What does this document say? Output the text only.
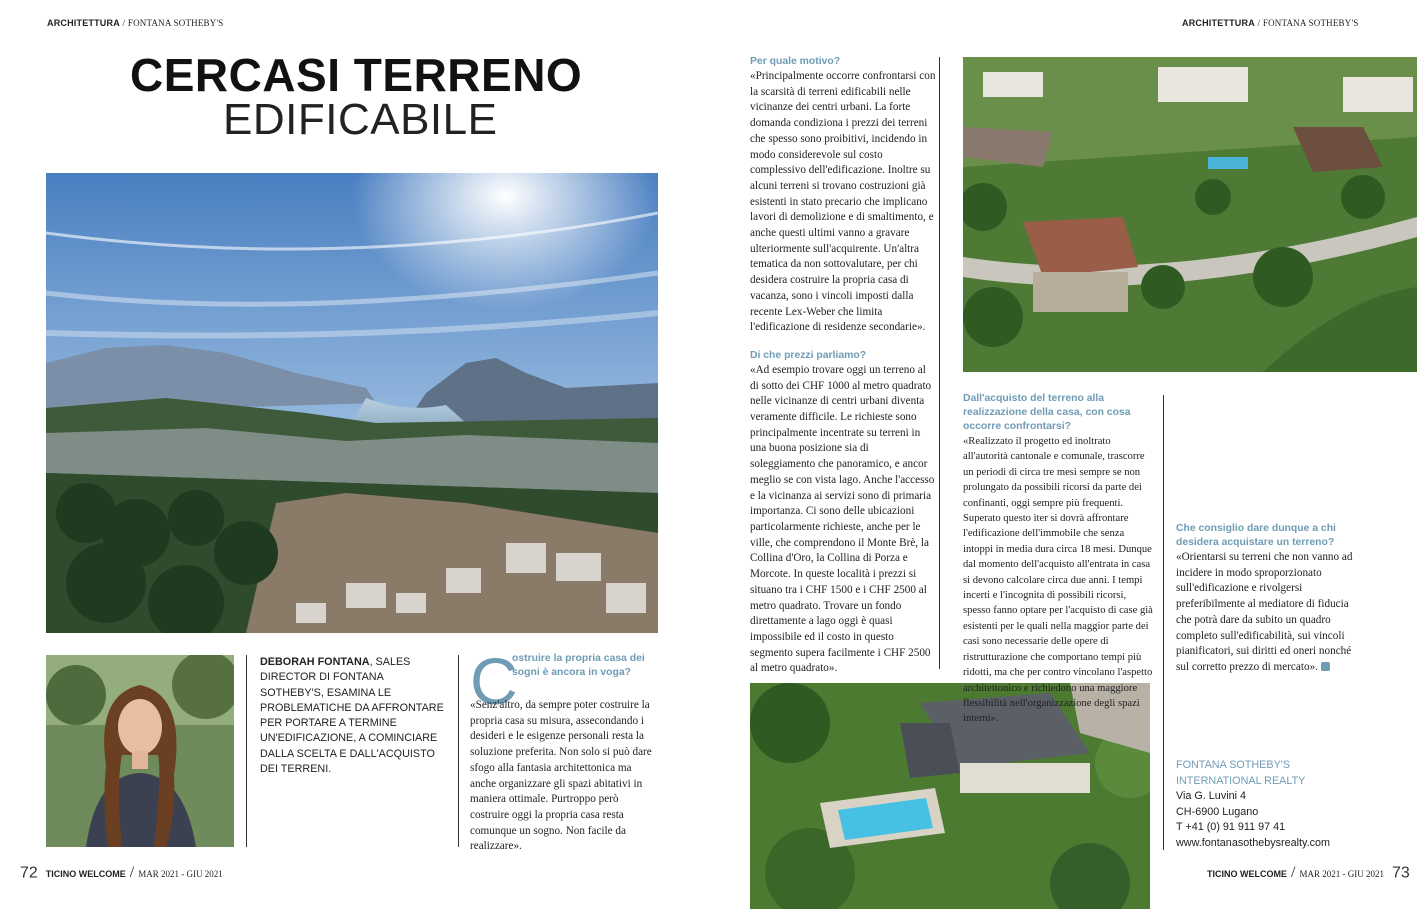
ARCHITETTURA / FONTANA SOTHEBY'S	ARCHITETTURA / FONTANA SOTHEBY'S
CERCASI TERRENO
EDIFICABILE
DEBORAH FONTANA, SALES DIRECTOR DI FONTANA SOTHEBY'S, ESAMINA LE PROBLEMATICHE DA AFFRONTARE PER PORTARE A TERMINE UN'EDIFICAZIONE, A COMINCIARE DALLA SCELTA E DALL'ACQUISTO DEI TERRENI.
C
ostruire la propria casa dei sogni è ancora in voga?
«Senz'altro, da sempre poter costruire la propria casa su misura, assecondando i desideri e le esigenze personali resta la soluzione preferita. Non solo si può dare sfogo alla fantasia architettonica ma anche organizzare gli spazi abitativi in maniera ottimale. Purtroppo però costruire oggi la propria casa resta comunque un sogno. Non facile da realizzare».
Per quale motivo?

«Principalmente occorre confrontarsi con la scarsità di terreni edificabili nelle vicinanze dei centri urbani. La forte domanda condiziona i prezzi dei terreni che spesso sono proibitivi, incidendo in modo considerevole sul costo complessivo dell'edificazione. Inoltre su alcuni terreni si trovano costruzioni già esistenti in stato precario che implicano lavori di demolizione e di smaltimento, e anche questi ultimi vanno a gravare ulteriormente sull'acquirente. Un'altra tematica da non sottovalutare, per chi desidera costruire la propria casa di vacanza, sono i vincoli imposti dalla recente Lex-Weber che limita l'edificazione di residenze secondarie».

Di che prezzi parliamo?

«Ad esempio trovare oggi un terreno al di sotto dei CHF 1000 al metro quadrato nelle vicinanze di centri urbani diventa veramente difficile. Le richieste sono principalmente incentrate su terreni in una buona posizione sia di soleggiamento che panoramico, e ancor meglio se con vista lago. Anche l'accesso e la vicinanza ai servizi sono di primaria importanza. Ci sono delle ubicazioni particolarmente richieste, anche per le ville, che comprendono il Monte Brè, la Collina d'Oro, la Collina di Porza e Morcote. In queste località i prezzi si situano tra i CHF 1500 e i CHF 2500 al metro quadrato. Trovare un fondo direttamente a lago oggi è quasi impossibile ed il costo in questo segmento supera facilmente i CHF 2500 al metro quadrato».

Dall'acquisto del terreno alla realizzazione della casa, con cosa occorre confrontarsi?

«Realizzato il progetto ed inoltrato all'autorità cantonale e comunale, trascorre un periodi di circa tre mesi sempre se non prolungato da possibili ricorsi da parte dei confinanti, oggi sempre più frequenti. Superato questo iter si dovrà affrontare l'edificazione dell'immobile che senza intoppi in media dura circa 18 mesi. Dunque dal momento dell'acquisto all'entrata in casa si devono calcolare circa due anni. I tempi incerti e l'incognita di possibili ricorsi, spesso fanno optare per l'acquisto di case già esistenti per le quali nella maggior parte dei casi sono necessarie delle opere di ristrutturazione che comportano tempi più ridotti, ma che per contro vincolano l'aspetto architettonico e richiedono una maggiore flessibilità nell'organizzazione degli spazi interni».

Che consiglio dare dunque a chi desidera acquistare un terreno?

«Orientarsi su terreni che non vanno ad incidere in modo sproporzionato sull'edificazione e rivolgersi preferibilmente al mediatore di fiducia che potrà dare da subito un quadro completo sull'edificabilità, sui vincoli pianificatori, sui diritti ed oneri nonché sul corretto prezzo di mercato».

FONTANA SOTHEBY'S
INTERNATIONAL REALTY
Via G. Luvini 4
CH-6900 Lugano
T +41 (0) 91 911 97 41
www.fontanasothebysrealty.com
72 TICINO WELCOME / MAR 2021 - GIU 2021	TICINO WELCOME / MAR 2021 - GIU 2021 73
